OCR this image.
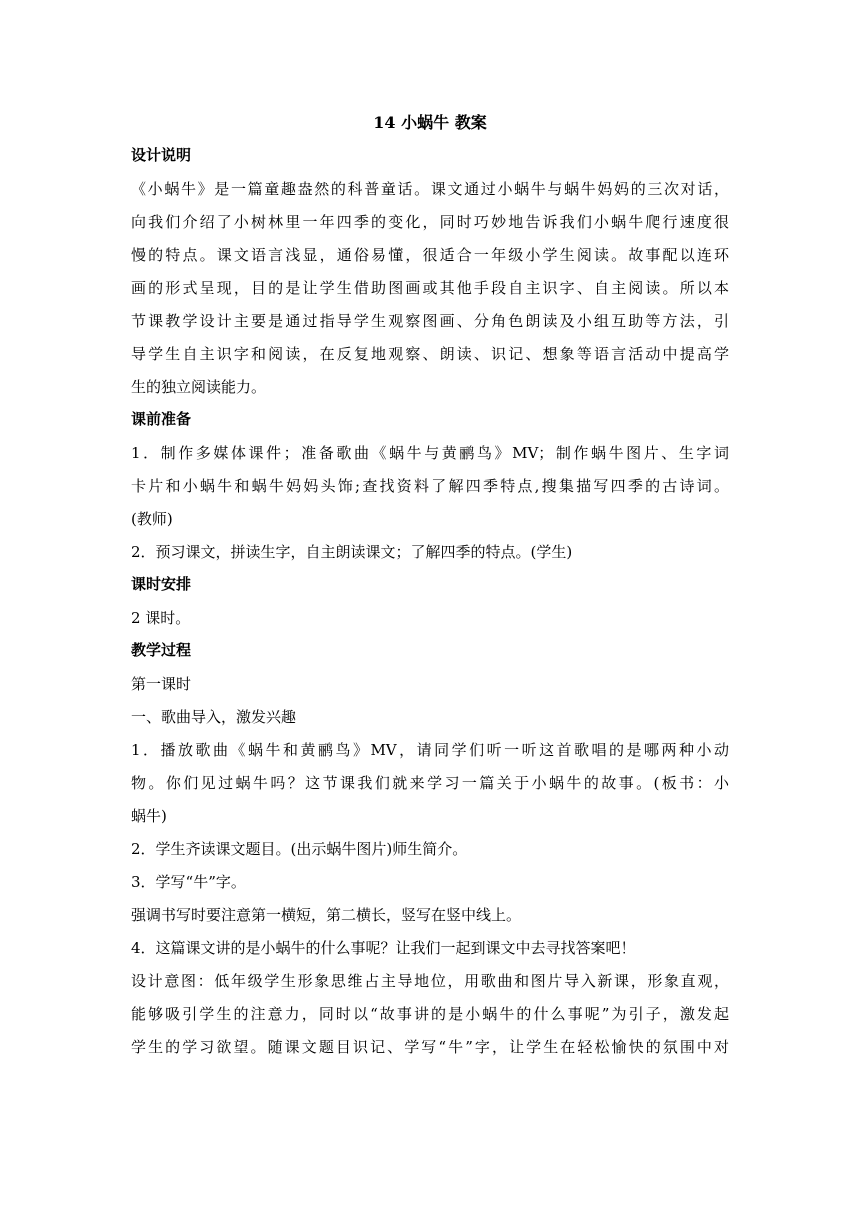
14 小蜗牛 教案

设计说明

《小蜗牛》是一篇童趣盎然的科普童话。课文通过小蜗牛与蜗牛妈妈的三次对话，
向我们介绍了小树林里一年四季的变化，同时巧妙地告诉我们小蜗牛爬行速度很
慢的特点。课文语言浅显，通俗易懂，很适合一年级小学生阅读。故事配以连环
画的形式呈现，目的是让学生借助图画或其他手段自主识字、自主阅读。所以本
节课教学设计主要是通过指导学生观察图画、分角色朗读及小组互助等方法，引
导学生自主识字和阅读，在反复地观察、朗读、识记、想象等语言活动中提高学
生的独立阅读能力。

课前准备

1．制作多媒体课件；准备歌曲《蜗牛与黄鹂鸟》MV；制作蜗牛图片、生字词
卡片和小蜗牛和蜗牛妈妈头饰;查找资料了解四季特点,搜集描写四季的古诗词。
(教师)

2．预习课文，拼读生字，自主朗读课文；了解四季的特点。(学生)

课时安排

2 课时。

教学过程

第一课时

一、歌曲导入，激发兴趣

1．播放歌曲《蜗牛和黄鹂鸟》MV，请同学们听一听这首歌唱的是哪两种小动
物。你们见过蜗牛吗？这节课我们就来学习一篇关于小蜗牛的故事。(板书：小
蜗牛)

2．学生齐读课文题目。(出示蜗牛图片)师生简介。

3．学写“牛”字。

强调书写时要注意第一横短，第二横长，竖写在竖中线上。

4．这篇课文讲的是小蜗牛的什么事呢？让我们一起到课文中去寻找答案吧！

设计意图：低年级学生形象思维占主导地位，用歌曲和图片导入新课，形象直观，
能够吸引学生的注意力，同时以“故事讲的是小蜗牛的什么事呢”为引子，激发起
学生的学习欲望。随课文题目识记、学写“牛”字，让学生在轻松愉快的氛围中对
